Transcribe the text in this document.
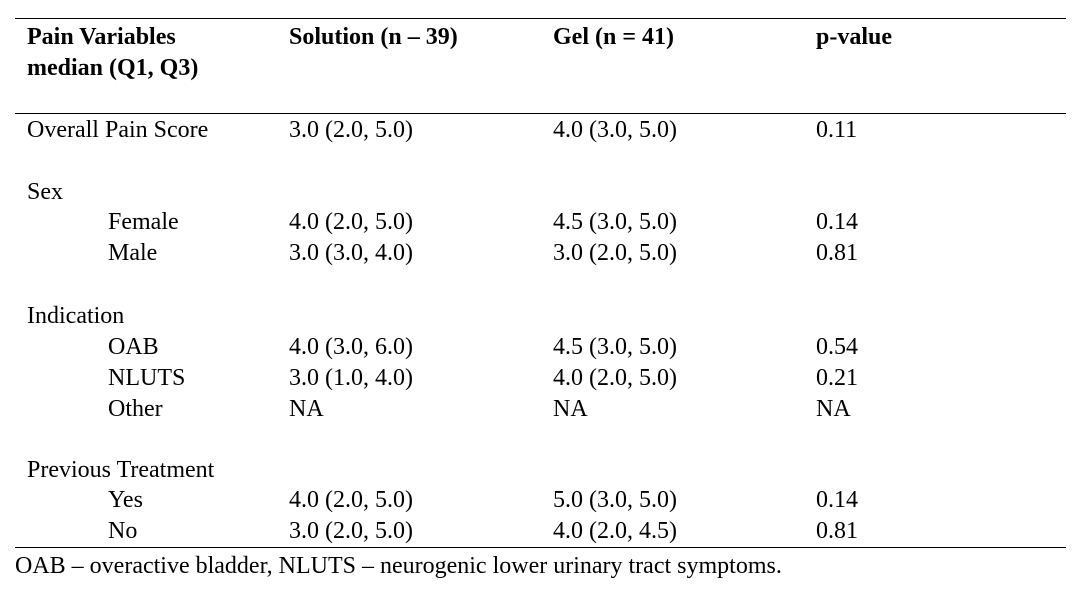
Pain Variables
median (Q1, Q3)
Solution (n – 39)	Gel (n = 41)	p-value
Overall Pain Score	3.0 (2.0, 5.0)	4.0 (3.0, 5.0)	0.11
Sex
Female	4.0 (2.0, 5.0)	4.5 (3.0, 5.0)	0.14
Male	3.0 (3.0, 4.0)	3.0 (2.0, 5.0)	0.81
Indication
OAB	4.0 (3.0, 6.0)	4.5 (3.0, 5.0)	0.54
NLUTS	3.0 (1.0, 4.0)	4.0 (2.0, 5.0)	0.21
Other	NA	NA	NA
Previous Treatment
Yes	4.0 (2.0, 5.0)	5.0 (3.0, 5.0)	0.14
No	3.0 (2.0, 5.0)	4.0 (2.0, 4.5)	0.81
OAB – overactive bladder, NLUTS – neurogenic lower urinary tract symptoms.
